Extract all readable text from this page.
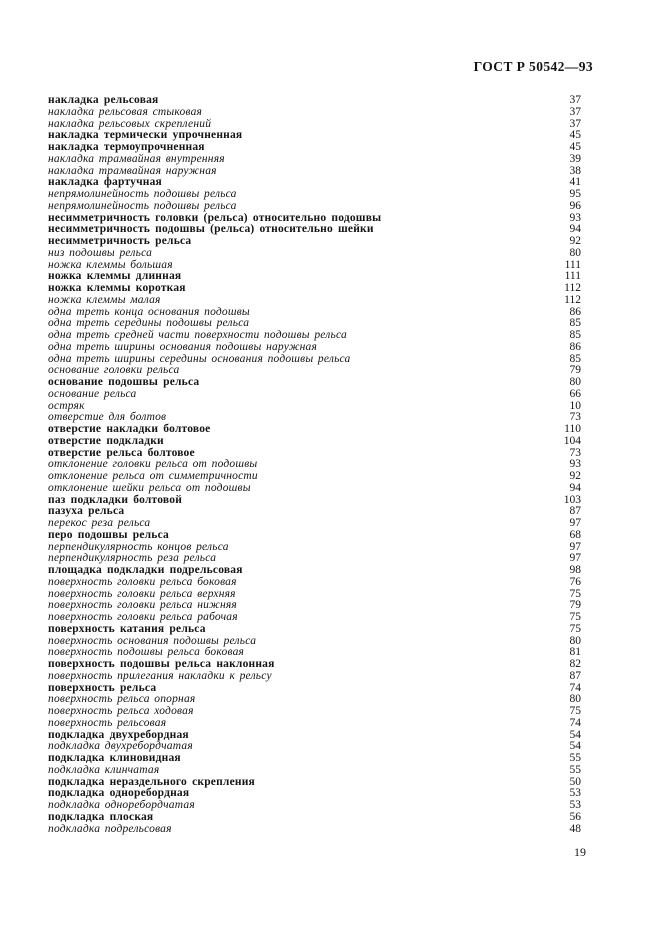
ГОСТ Р 50542—93
накладка рельсовая	37
накладка рельсовая стыковая	37
накладка рельсовых скреплений	37
накладка термически упрочненная	45
накладка термоупрочненная	45
накладка трамвайная внутренняя	39
накладка трамвайная наружная	38
накладка фартучная	41
непрямолинейность подошвы рельса	95
непрямолинейность подошвы рельса	96
несимметричность головки (рельса) относительно подошвы	93
несимметричность подошвы (рельса) относительно шейки	94
несимметричность рельса	92
низ подошвы рельса	80
ножка клеммы большая	111
ножка клеммы длинная	111
ножка клеммы короткая	112
ножка клеммы малая	112
одна треть конца основания подошвы	86
одна треть середины подошвы рельса	85
одна треть средней части поверхности подошвы рельса	85
одна треть ширины основания подошвы наружная	86
одна треть ширины середины основания подошвы рельса	85
основание головки рельса	79
основание подошвы рельса	80
основание рельса	66
остряк	10
отверстие для болтов	73
отверстие накладки болтовое	110
отверстие подкладки	104
отверстие рельса болтовое	73
отклонение головки рельса от подошвы	93
отклонение рельса от симметричности	92
отклонение шейки рельса от подошвы	94
паз подкладки болтовой	103
пазуха рельса	87
перекос реза рельса	97
перо подошвы рельса	68
перпендикулярность концов рельса	97
перпендикулярность реза рельса	97
площадка подкладки подрельсовая	98
поверхность головки рельса боковая	76
поверхность головки рельса верхняя	75
поверхность головки рельса нижняя	79
поверхность головки рельса рабочая	75
поверхность катания рельса	75
поверхность основания подошвы рельса	80
поверхность подошвы рельса боковая	81
поверхность подошвы рельса наклонная	82
поверхность прилегания накладки к рельсу	87
поверхность рельса	74
поверхность рельса опорная	80
поверхность рельса ходовая	75
поверхность рельсовая	74
подкладка двухребордная	54
подкладка двухребордчатая	54
подкладка клиновидная	55
подкладка клинчатая	55
подкладка нераздельного скрепления	50
подкладка одноребордная	53
подкладка одноребордчатая	53
подкладка плоская	56
подкладка подрельсовая	48
19
